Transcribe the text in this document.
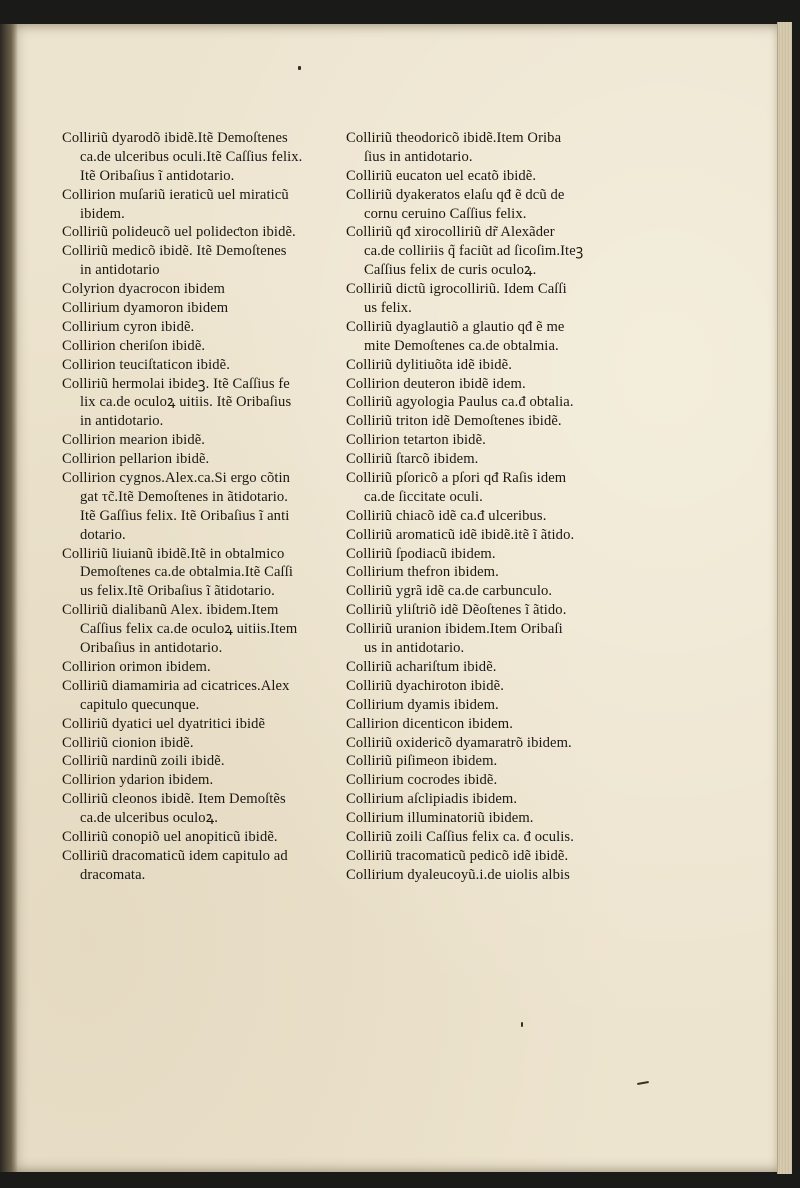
Colliriũ dyarodõ ibidẽ.Itẽ Demoſtenes
ca.de ulceribus oculi.Itẽ Caſſius felix.
Itẽ Oribaſius ĩ antidotario.
Collirion muſariũ ieraticũ uel miraticũ
ibidem.
Colliriũ polideucõ uel polideƈton ibidẽ.
Colliriũ medicõ ibidẽ. Itẽ Demoſtenes
in antidotario
Colyrion dyacrocon ibidem
Collirium dyamoron ibidem
Collirium cyron ibidẽ.
Collirion cheriſon ibidẽ.
Collirion teuciſtaticon ibidẽ.
Colliriũ hermolai ibideꝫ. Itẽ Caſſius fe
lix ca.de oculoꝝ uitiis. Itẽ Oribaſius
in antidotario.
Collirion mearion ibidẽ.
Collirion pellarion ibidẽ.
Collirion cygnos.Alex.ca.Si ergo cõtin
gat τc̃.Itẽ Demoſtenes in ãtidotario.
Itẽ Gaſſius felix. Itẽ Oribaſius ĩ anti
dotario.
Colliriũ liuianũ ibidẽ.Itẽ in obtalmico
Demoſtenes ca.de obtalmia.Itẽ Caſſi
us felix.Itẽ Oribaſius ĩ ãtidotario.
Colliriũ dialibanũ Alex. ibidem.Item
Caſſius felix ca.de oculoꝝ uitiis.Item
Oribaſius in antidotario.
Collirion orimon ibidem.
Colliriũ diamamiria ad cicatrices.Alex
capitulo quecunque.
Colliriũ dyatici uel dyatritici ibidẽ
Colliriũ cionion ibidẽ.
Colliriũ nardinũ zoili ibidẽ.
Collirion ydarion ibidem.
Colliriũ cleonos ibidẽ. Item Demoſtẽs
ca.de ulceribus oculoꝝ.
Colliriũ conopiõ uel anopiticũ ibidẽ.
Colliriũ dracomaticũ idem capitulo ad
dracomata.
Colliriũ theodoricõ ibidẽ.Item Oriba
ſius in antidotario.
Colliriũ eucaton uel ecatõ ibidẽ.
Colliriũ dyakeratos elaſu qđ ẽ dcũ de
cornu ceruino Caſſius felix.
Colliriũ qđ xirocolliriũ dr̃ Alexãder
ca.de colliriis q̃ faciũt ad ſicoſim.Iteꝫ
Caſſius felix de curis oculoꝝ.
Colliriũ dictũ igrocolliriũ. Idem Caſſi
us felix.
Colliriũ dyaglautiõ a glautio qđ ẽ me
mite Demoſtenes ca.de obtalmia.
Colliriũ dylitiuõta idẽ ibidẽ.
Collirion deuteron ibidẽ idem.
Colliriũ agyologia Paulus ca.đ obtalia.
Colliriũ triton idẽ Demoſtenes ibidẽ.
Collirion tetarton ibidẽ.
Colliriũ ſtarcõ ibidem.
Colliriũ pſoricõ a pſori qđ Raſis idem
ca.de ſiccitate oculi.
Colliriũ chiacõ idẽ ca.đ ulceribus.
Colliriũ aromaticũ idẽ ibidẽ.itẽ ĩ ãtido.
Colliriũ ſpodiacũ ibidem.
Collirium thefron ibidem.
Colliriũ ygrã idẽ ca.de carbunculo.
Colliriũ yliſtriõ idẽ Dẽoſtenes ĩ ãtido.
Colliriũ uranion ibidem.Item Oribaſi
us in antidotario.
Colliriũ achariſtum ibidẽ.
Colliriũ dyachiroton ibidẽ.
Collirium dyamis ibidem.
Callirion dicenticon ibidem.
Colliriũ oxidericõ dyamaratrõ ibidem.
Colliriũ piſimeon ibidem.
Collirium cocrodes ibidẽ.
Collirium aſclipiadis ibidem.
Collirium illuminatoriũ ibidem.
Colliriũ zoili Caſſius felix ca. đ oculis.
Colliriũ tracomaticũ pedicõ idẽ ibidẽ.
Collirium dyaleucoyũ.i.de uiolis albis
